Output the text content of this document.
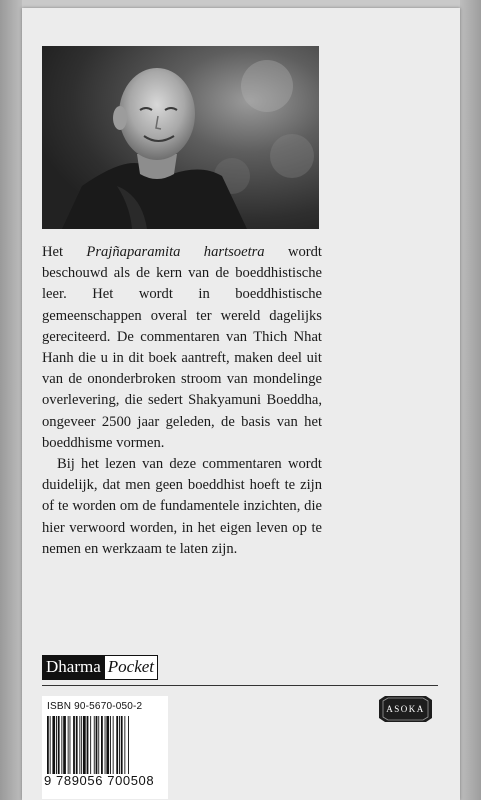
Het Prajñaparamita hartsoetra wordt beschouwd als de kern van de boeddhistische leer. Het wordt in boeddhistische gemeenschappen overal ter wereld dagelijks gereciteerd. De commentaren van Thich Nhat Hanh die u in dit boek aantreft, maken deel uit van de ononderbroken stroom van mondelinge overlevering, die sedert Shakyamuni Boeddha, ongeveer 2500 jaar geleden, de basis van het boeddhisme vormen.

Bij het lezen van deze commentaren wordt duidelijk, dat men geen boeddhist hoeft te zijn of te worden om de fundamentele inzichten, die hier verwoord worden, in het eigen leven op te nemen en werkzaam te laten zijn.

Dharma Pocket
ISBN 90-5670-050-2
9 789056 700508
ASOKA
